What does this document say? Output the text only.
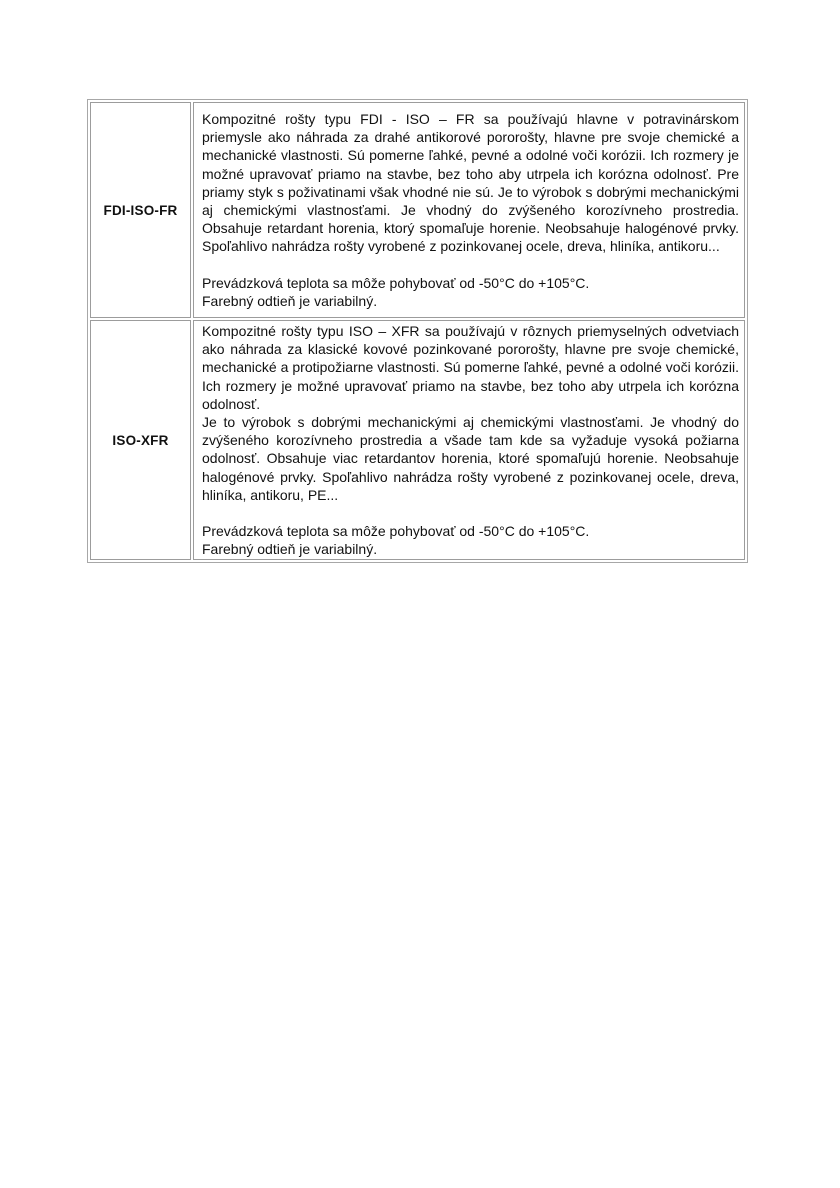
FDI-ISO-FR	Kompozitné rošty typu FDI - ISO – FR sa používajú hlavne v potravinárskom priemysle ako náhrada za drahé antikorové pororošty, hlavne pre svoje chemické a mechanické vlastnosti. Sú pomerne ľahké, pevné a odolné voči korózii. Ich rozmery je možné upravovať priamo na stavbe, bez toho aby utrpela ich korózna odolnosť. Pre priamy styk s poživatinami však vhodné nie sú. Je to výrobok s dobrými mechanickými aj chemickými vlastnosťami. Je vhodný do zvýšeného korozívneho prostredia. Obsahuje retardant horenia, ktorý spomaľuje horenie. Neobsahuje halogénové prvky. Spoľahlivo nahrádza rošty vyrobené z pozinkovanej ocele, dreva, hliníka, antikoru...

Prevádzková teplota sa môže pohybovať od -50°C do +105°C.

Farebný odtieň je variabilný.

ISO-XFR	Kompozitné rošty typu ISO – XFR sa používajú v rôznych priemyselných odvetviach ako náhrada za klasické kovové pozinkované pororošty, hlavne pre svoje chemické, mechanické a protipožiarne vlastnosti. Sú pomerne ľahké, pevné a odolné voči korózii. Ich rozmery je možné upravovať priamo na stavbe, bez toho aby utrpela ich korózna odolnosť.

Je to výrobok s dobrými mechanickými aj chemickými vlastnosťami. Je vhodný do zvýšeného korozívneho prostredia a všade tam kde sa vyžaduje vysoká požiarna odolnosť. Obsahuje viac retardantov horenia, ktoré spomaľujú horenie. Neobsahuje halogénové prvky. Spoľahlivo nahrádza rošty vyrobené z pozinkovanej ocele, dreva, hliníka, antikoru, PE...

Prevádzková teplota sa môže pohybovať od -50°C do +105°C.

Farebný odtieň je variabilný.
